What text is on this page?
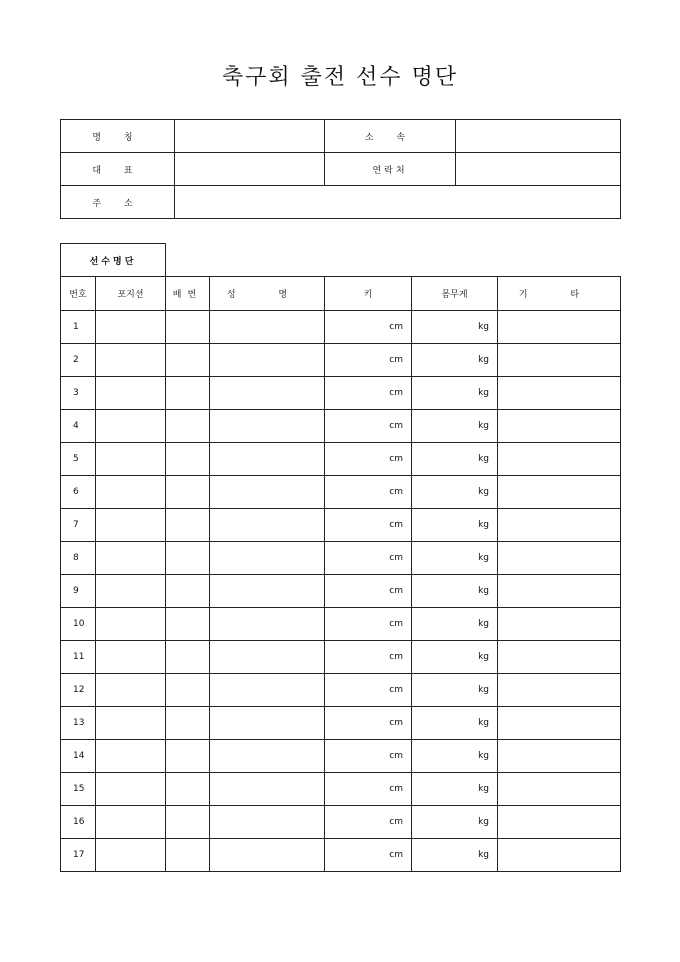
축구회 출전 선수 명단
명 칭		소 속	
대 표		연락처	
주 소			
선수명단
번호	포지션	배번	성 명	키	몸무게	기 타
1				cm	kg	
2				cm	kg	
3				cm	kg	
4				cm	kg	
5				cm	kg	
6				cm	kg	
7				cm	kg	
8				cm	kg	
9				cm	kg	
10				cm	kg	
11				cm	kg	
12				cm	kg	
13				cm	kg	
14				cm	kg	
15				cm	kg	
16				cm	kg	
17				cm	kg	
